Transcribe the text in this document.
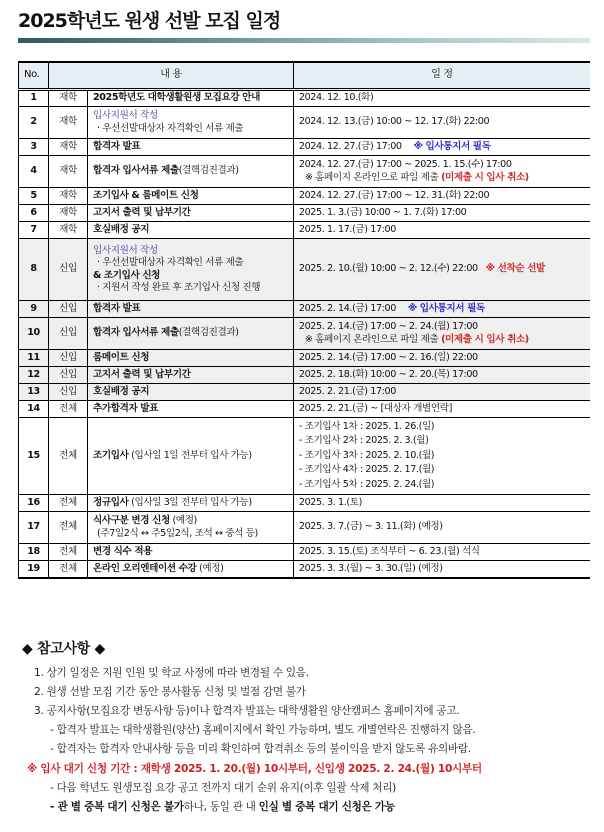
2025학년도 원생 선발 모집 일정
No.	내 용		일 정
1	재학	2025학년도 대학생활원생 모집요강 안내	2024. 12. 10.(화)
2	재학	입사지원서 작성
· 우선선발대상자 자격확인 서류 제출	2024. 12. 13.(금) 10:00 ~ 12. 17.(화) 22:00
3	재학	합격자 발표	2024. 12. 27.(금) 17:00 ※ 입사통지서 필독
4	재학	합격자 입사서류 제출(결핵검진결과)	2024. 12. 27.(금) 17:00 ~ 2025. 1. 15.(수) 17:00
※ 홈페이지 온라인으로 파일 제출 (미제출 시 입사 취소)

5	재학	조기입사 & 룸메이트 신청	2024. 12. 27.(금) 17:00 ~ 12. 31.(화) 22:00
6	재학	고지서 출력 및 납부기간	2025. 1. 3.(금) 10:00 ~ 1. 7.(화) 17:00
7	재학	호실배정 공지	2025. 1. 17.(금) 17:00
8	신입	입사지원서 작성
· 우선선발대상자 자격확인 서류 제출
& 조기입사 신청
· 지원서 작성 완료 후 조기입사 신청 진행	2025. 2. 10.(월) 10:00 ~ 2. 12.(수) 22:00 ※ 선착순 선발
9	신입	합격자 발표	2025. 2. 14.(금) 17:00 ※ 입사통지서 필독
10	신입	합격자 입사서류 제출(결핵검진결과)	2025. 2. 14.(금) 17:00 ~ 2. 24.(월) 17:00
※ 홈페이지 온라인으로 파일 제출 (미제출 시 입사 취소)

11	신입	룸메이트 신청	2025. 2. 14.(금) 17:00 ~ 2. 16.(일) 22:00
12	신입	고지서 출력 및 납부기간	2025. 2. 18.(화) 10:00 ~ 2. 20.(목) 17:00
13	신입	호실배정 공지	2025. 2. 21.(금) 17:00
14	전체	추가합격자 발표	2025. 2. 21.(금) ~ [대상자 개별연락]
15	전체	조기입사 (입사일 1일 전부터 입사 가능)	- 조기입사 1차 : 2025. 1. 26.(일)
- 조기입사 2차 : 2025. 2. 3.(월)
- 조기입사 3차 : 2025. 2. 10.(월)
- 조기입사 4차 : 2025. 2. 17.(월)
- 조기입사 5차 : 2025. 2. 24.(월)

16	전체	정규입사 (입사일 3일 전부터 입사 가능)	2025. 3. 1.(토)
17	전체	식사구분 변경 신청 (예정)
(주7일2식 ↔ 주5일2식, 조석 ↔ 중석 등)	2025. 3. 7.(금) ~ 3. 11.(화) (예정)
18	전체	변경 식수 적용	2025. 3. 15.(토) 조식부터 ~ 6. 23.(월) 석식
19	전체	온라인 오리엔테이션 수강 (예정)	2025. 3. 3.(월) ~ 3. 30.(일) (예정)
◆ 참고사항 ◆
1. 상기 일정은 지원 인원 및 학교 사정에 따라 변경될 수 있음.
2. 원생 선발 모집 기간 동안 봉사활동 신청 및 벌점 감면 불가
3. 공지사항(모집요강 변동사항 등)이나 합격자 발표는 대학생활원 양산캠퍼스 홈페이지에 공고.
- 합격자 발표는 대학생활원(양산) 홈페이지에서 확인 가능하며, 별도 개별연락은 진행하지 않음.
- 합격자는 합격자 안내사항 등을 미리 확인하여 합격취소 등의 불이익을 받지 않도록 유의바람.
※ 입사 대기 신청 기간 : 재학생 2025. 1. 20.(월) 10시부터, 신입생 2025. 2. 24.(월) 10시부터
- 다음 학년도 원생모집 요강 공고 전까지 대기 순위 유지(이후 일괄 삭제 처리)
- 관 별 중복 대기 신청은 불가하나, 동일 관 내 인실 별 중복 대기 신청은 가능
